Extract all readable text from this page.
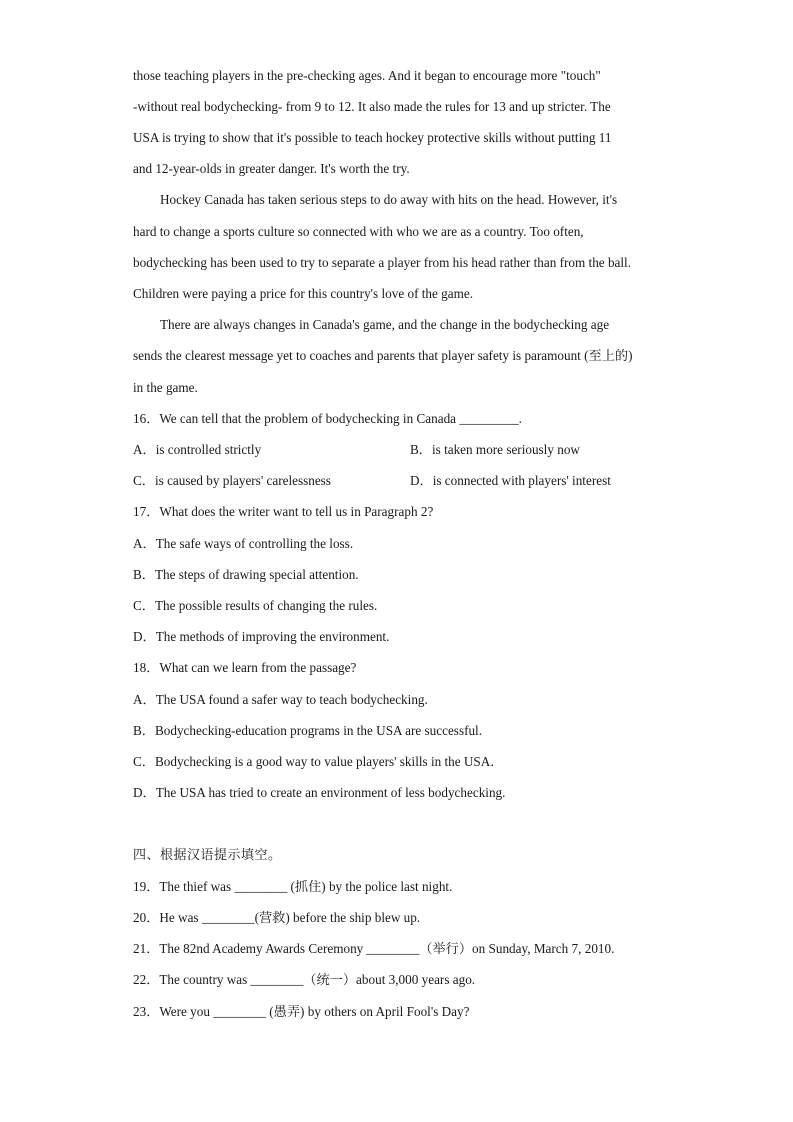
those teaching players in the pre-checking ages. And it began to encourage more "touch"
-without real bodychecking- from 9 to 12. It also made the rules for 13 and up stricter. The
USA is trying to show that it's possible to teach hockey protective skills without putting 11
and 12-year-olds in greater danger. It's worth the try.
Hockey Canada has taken serious steps to do away with hits on the head. However, it's
hard to change a sports culture so connected with who we are as a country. Too often,
bodychecking has been used to try to separate a player from his head rather than from the ball.
Children were paying a price for this country's love of the game.
There are always changes in Canada's game, and the change in the bodychecking age
sends the clearest message yet to coaches and parents that player safety is paramount (至上的)
in the game.
16．We can tell that the problem of bodychecking in Canada _________.
A．is controlled strictly	B．is taken more seriously now
C．is caused by players' carelessness	D．is connected with players' interest
17．What does the writer want to tell us in Paragraph 2?
A．The safe ways of controlling the loss.
B．The steps of drawing special attention.
C．The possible results of changing the rules.
D．The methods of improving the environment.
18．What can we learn from the passage?
A．The USA found a safer way to teach bodychecking.
B．Bodychecking-education programs in the USA are successful.
C．Bodychecking is a good way to value players' skills in the USA．
D．The USA has tried to create an environment of less bodychecking.
四、根据汉语提示填空。
19．The thief was ________ (抓住) by the police last night.
20．He was ________(营救) before the ship blew up.
21．The 82nd Academy Awards Ceremony ________（举行）on Sunday, March 7, 2010.
22．The country was ________（统一）about 3,000 years ago.
23．Were you ________ (愚弄) by others on April Fool's Day?
